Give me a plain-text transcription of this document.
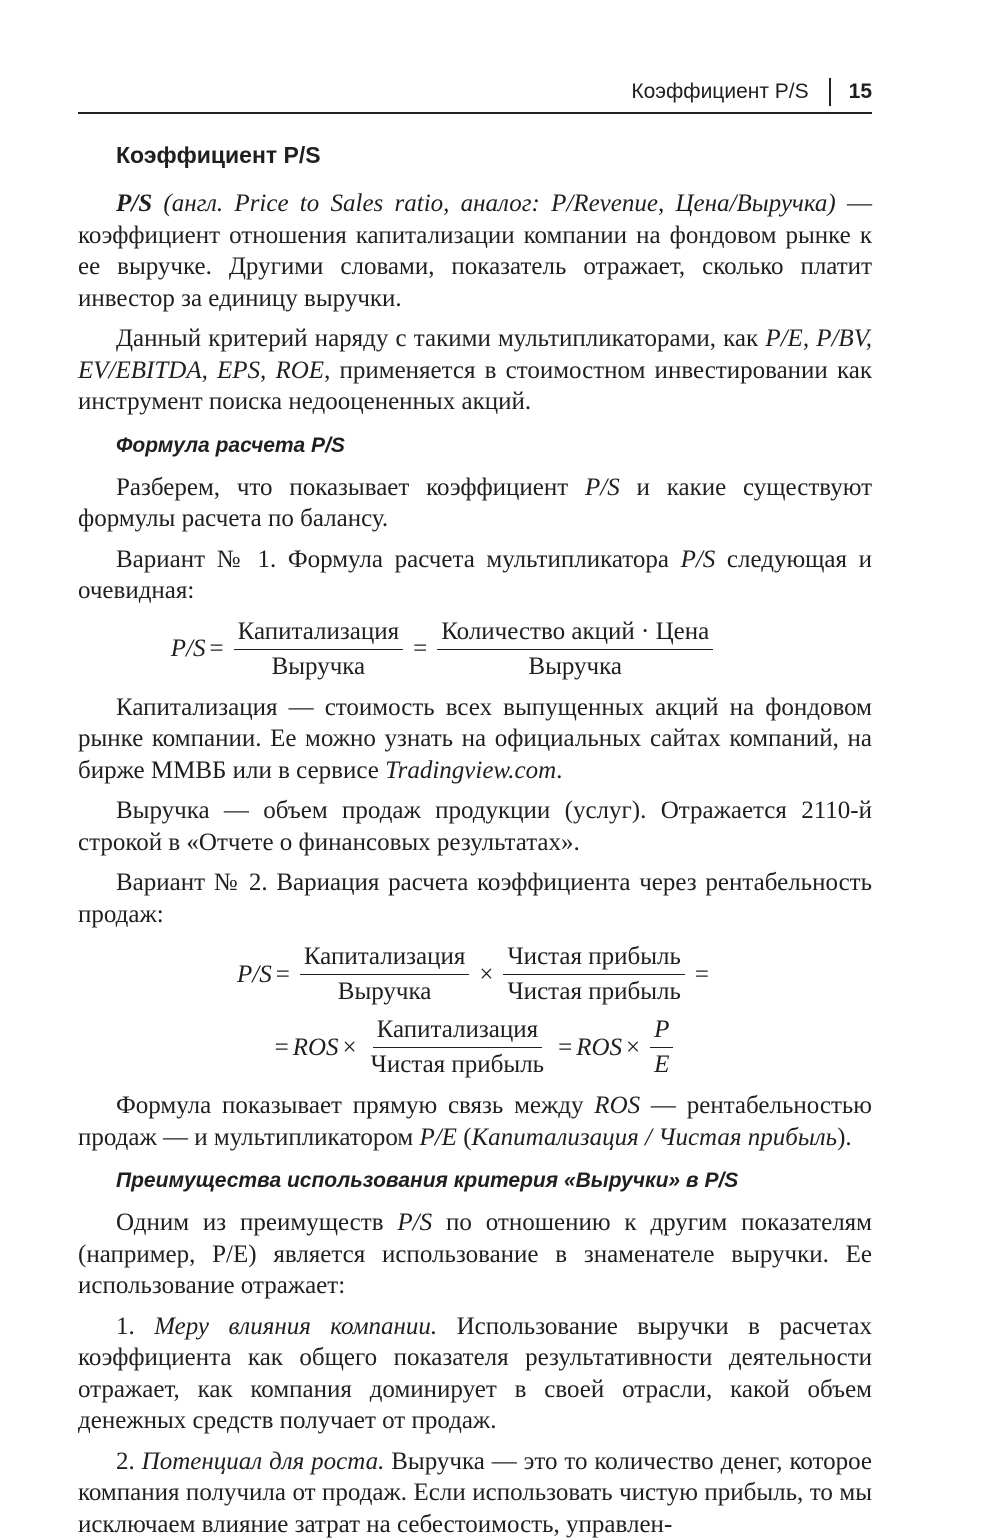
Коэффициент P/S 15
Коэффициент P/S

P/S (англ. Price to Sales ratio, аналог: P/Revenue, Цена/Выручка) — коэффициент отношения капитализации компании на фондовом рынке к ее выручке. Другими словами, показатель отражает, сколько платит инвестор за единицу выручки.

Данный критерий наряду с такими мультипликаторами, как P/E, P/BV, EV/EBITDA, EPS, ROE, применяется в стоимостном инвестировании как инструмент поиска недооцененных акций.

Формула расчета P/S

Разберем, что показывает коэффициент P/S и какие существуют формулы расчета по балансу.

Вариант № 1. Формула расчета мультипликатора P/S следующая и очевидная:

$P/S = \frac{\text{Капитализация}}{\text{Выручка}} = \frac{\text{Количество акций · Цена}}{\text{Выручка}}$

Капитализация — стоимость всех выпущенных акций на фондовом рынке компании. Ее можно узнать на официальных сайтах компаний, на бирже ММВБ или в сервисе Tradingview.com.

Выручка — объем продаж продукции (услуг). Отражается 2110-й строкой в «Отчете о финансовых результатах».

Вариант № 2. Вариация расчета коэффициента через рентабельность продаж:

$P/S = \frac{\text{Капитализация}}{\text{Выручка}} \times \frac{\text{Чистая прибыль}}{\text{Чистая прибыль}}$ =
= ROS × $\frac{\text{Капитализация}}{\text{Чистая прибыль}}$ = ROS × $\frac{P}{E}$

Формула показывает прямую связь между ROS — рентабельностью продаж — и мультипликатором P/E (Капитализация / Чистая прибыль).

Преимущества использования критерия «Выручки» в P/S

Одним из преимуществ P/S по отношению к другим показателям (например, P/E) является использование в знаменателе выручки. Ее использование отражает:

1. Меру влияния компании. Использование выручки в расчетах коэффициента как общего показателя результативности деятельности отражает, как компания доминирует в своей отрасли, какой объем денежных средств получает от продаж.

2. Потенциал для роста. Выручка — это то количество денег, которое компания получила от продаж. Если использовать чистую прибыль, то мы исключаем влияние затрат на себестоимость, управлен-
